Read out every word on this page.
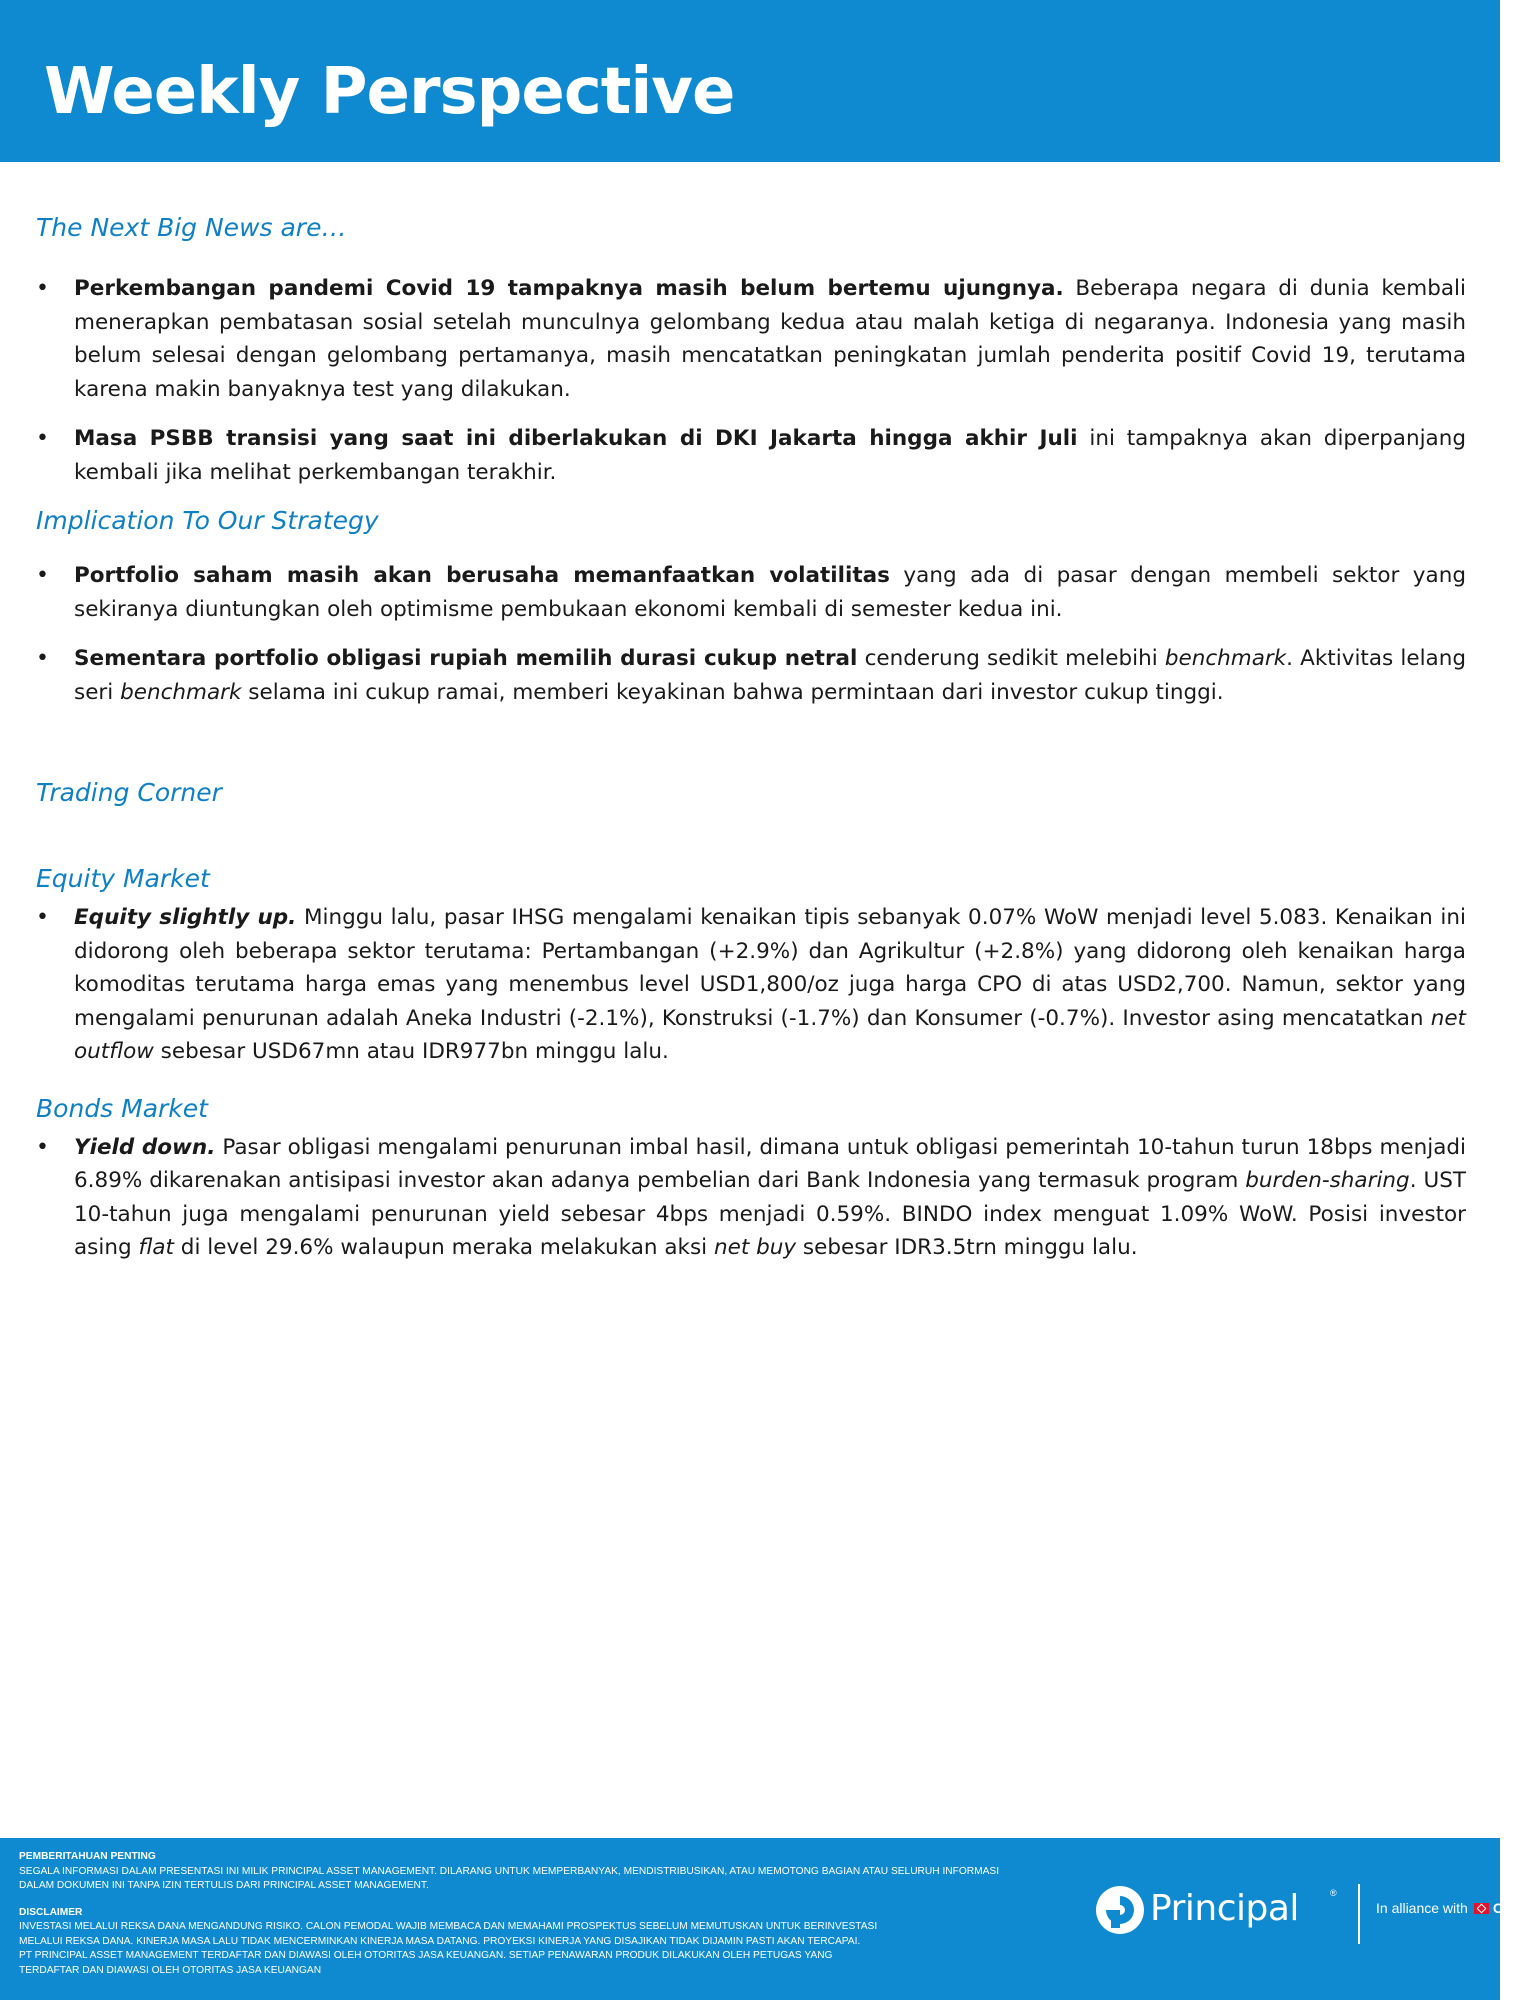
Weekly Perspective
The Next Big News are…
• Perkembangan pandemi Covid 19 tampaknya masih belum bertemu ujungnya. Beberapa negara di dunia kembali menerapkan pembatasan sosial setelah munculnya gelombang kedua atau malah ketiga di negaranya. Indonesia yang masih belum selesai dengan gelombang pertamanya, masih mencatatkan peningkatan jumlah penderita positif Covid 19, terutama karena makin banyaknya test yang dilakukan.
• Masa PSBB transisi yang saat ini diberlakukan di DKI Jakarta hingga akhir Juli ini tampaknya akan diperpanjang kembali jika melihat perkembangan terakhir.
Implication To Our Strategy
• Portfolio saham masih akan berusaha memanfaatkan volatilitas yang ada di pasar dengan membeli sektor yang sekiranya diuntungkan oleh optimisme pembukaan ekonomi kembali di semester kedua ini.
• Sementara portfolio obligasi rupiah memilih durasi cukup netral cenderung sedikit melebihi benchmark. Aktivitas lelang seri benchmark selama ini cukup ramai, memberi keyakinan bahwa permintaan dari investor cukup tinggi.
Trading Corner
Equity Market
• Equity slightly up. Minggu lalu, pasar IHSG mengalami kenaikan tipis sebanyak 0.07% WoW menjadi level 5.083. Kenaikan ini didorong oleh beberapa sektor terutama: Pertambangan (+2.9%) dan Agrikultur (+2.8%) yang didorong oleh kenaikan harga komoditas terutama harga emas yang menembus level USD1,800/oz juga harga CPO di atas USD2,700. Namun, sektor yang mengalami penurunan adalah Aneka Industri (-2.1%), Konstruksi (-1.7%) dan Konsumer (-0.7%). Investor asing mencatatkan net outflow sebesar USD67mn atau IDR977bn minggu lalu.
Bonds Market
• Yield down. Pasar obligasi mengalami penurunan imbal hasil, dimana untuk obligasi pemerintah 10-tahun turun 18bps menjadi 6.89% dikarenakan antisipasi investor akan adanya pembelian dari Bank Indonesia yang termasuk program burden-sharing. UST 10-tahun juga mengalami penurunan yield sebesar 4bps menjadi 0.59%. BINDO index menguat 1.09% WoW. Posisi investor asing flat di level 29.6% walaupun meraka melakukan aksi net buy sebesar IDR3.5trn minggu lalu.
PEMBERITAHUAN PENTING
SEGALA INFORMASI DALAM PRESENTASI INI MILIK PRINCIPAL ASSET MANAGEMENT. DILARANG UNTUK MEMPERBANYAK, MENDISTRIBUSIKAN, ATAU MEMOTONG BAGIAN ATAU SELURUH INFORMASI
DALAM DOKUMEN INI TANPA IZIN TERTULIS DARI PRINCIPAL ASSET MANAGEMENT.
DISCLAIMER
INVESTASI MELALUI REKSA DANA MENGANDUNG RISIKO. CALON PEMODAL WAJIB MEMBACA DAN MEMAHAMI PROSPEKTUS SEBELUM MEMUTUSKAN UNTUK BERINVESTASI
MELALUI REKSA DANA. KINERJA MASA LALU TIDAK MENCERMINKAN KINERJA MASA DATANG. PROYEKSI KINERJA YANG DISAJIKAN TIDAK DIJAMIN PASTI AKAN TERCAPAI.
PT PRINCIPAL ASSET MANAGEMENT TERDAFTAR DAN DIAWASI OLEH OTORITAS JASA KEUANGAN. SETIAP PENAWARAN PRODUK DILAKUKAN OLEH PETUGAS YANG
TERDAFTAR DAN DIAWASI OLEH OTORITAS JASA KEUANGAN
Principal	®
In alliance with CIMB
